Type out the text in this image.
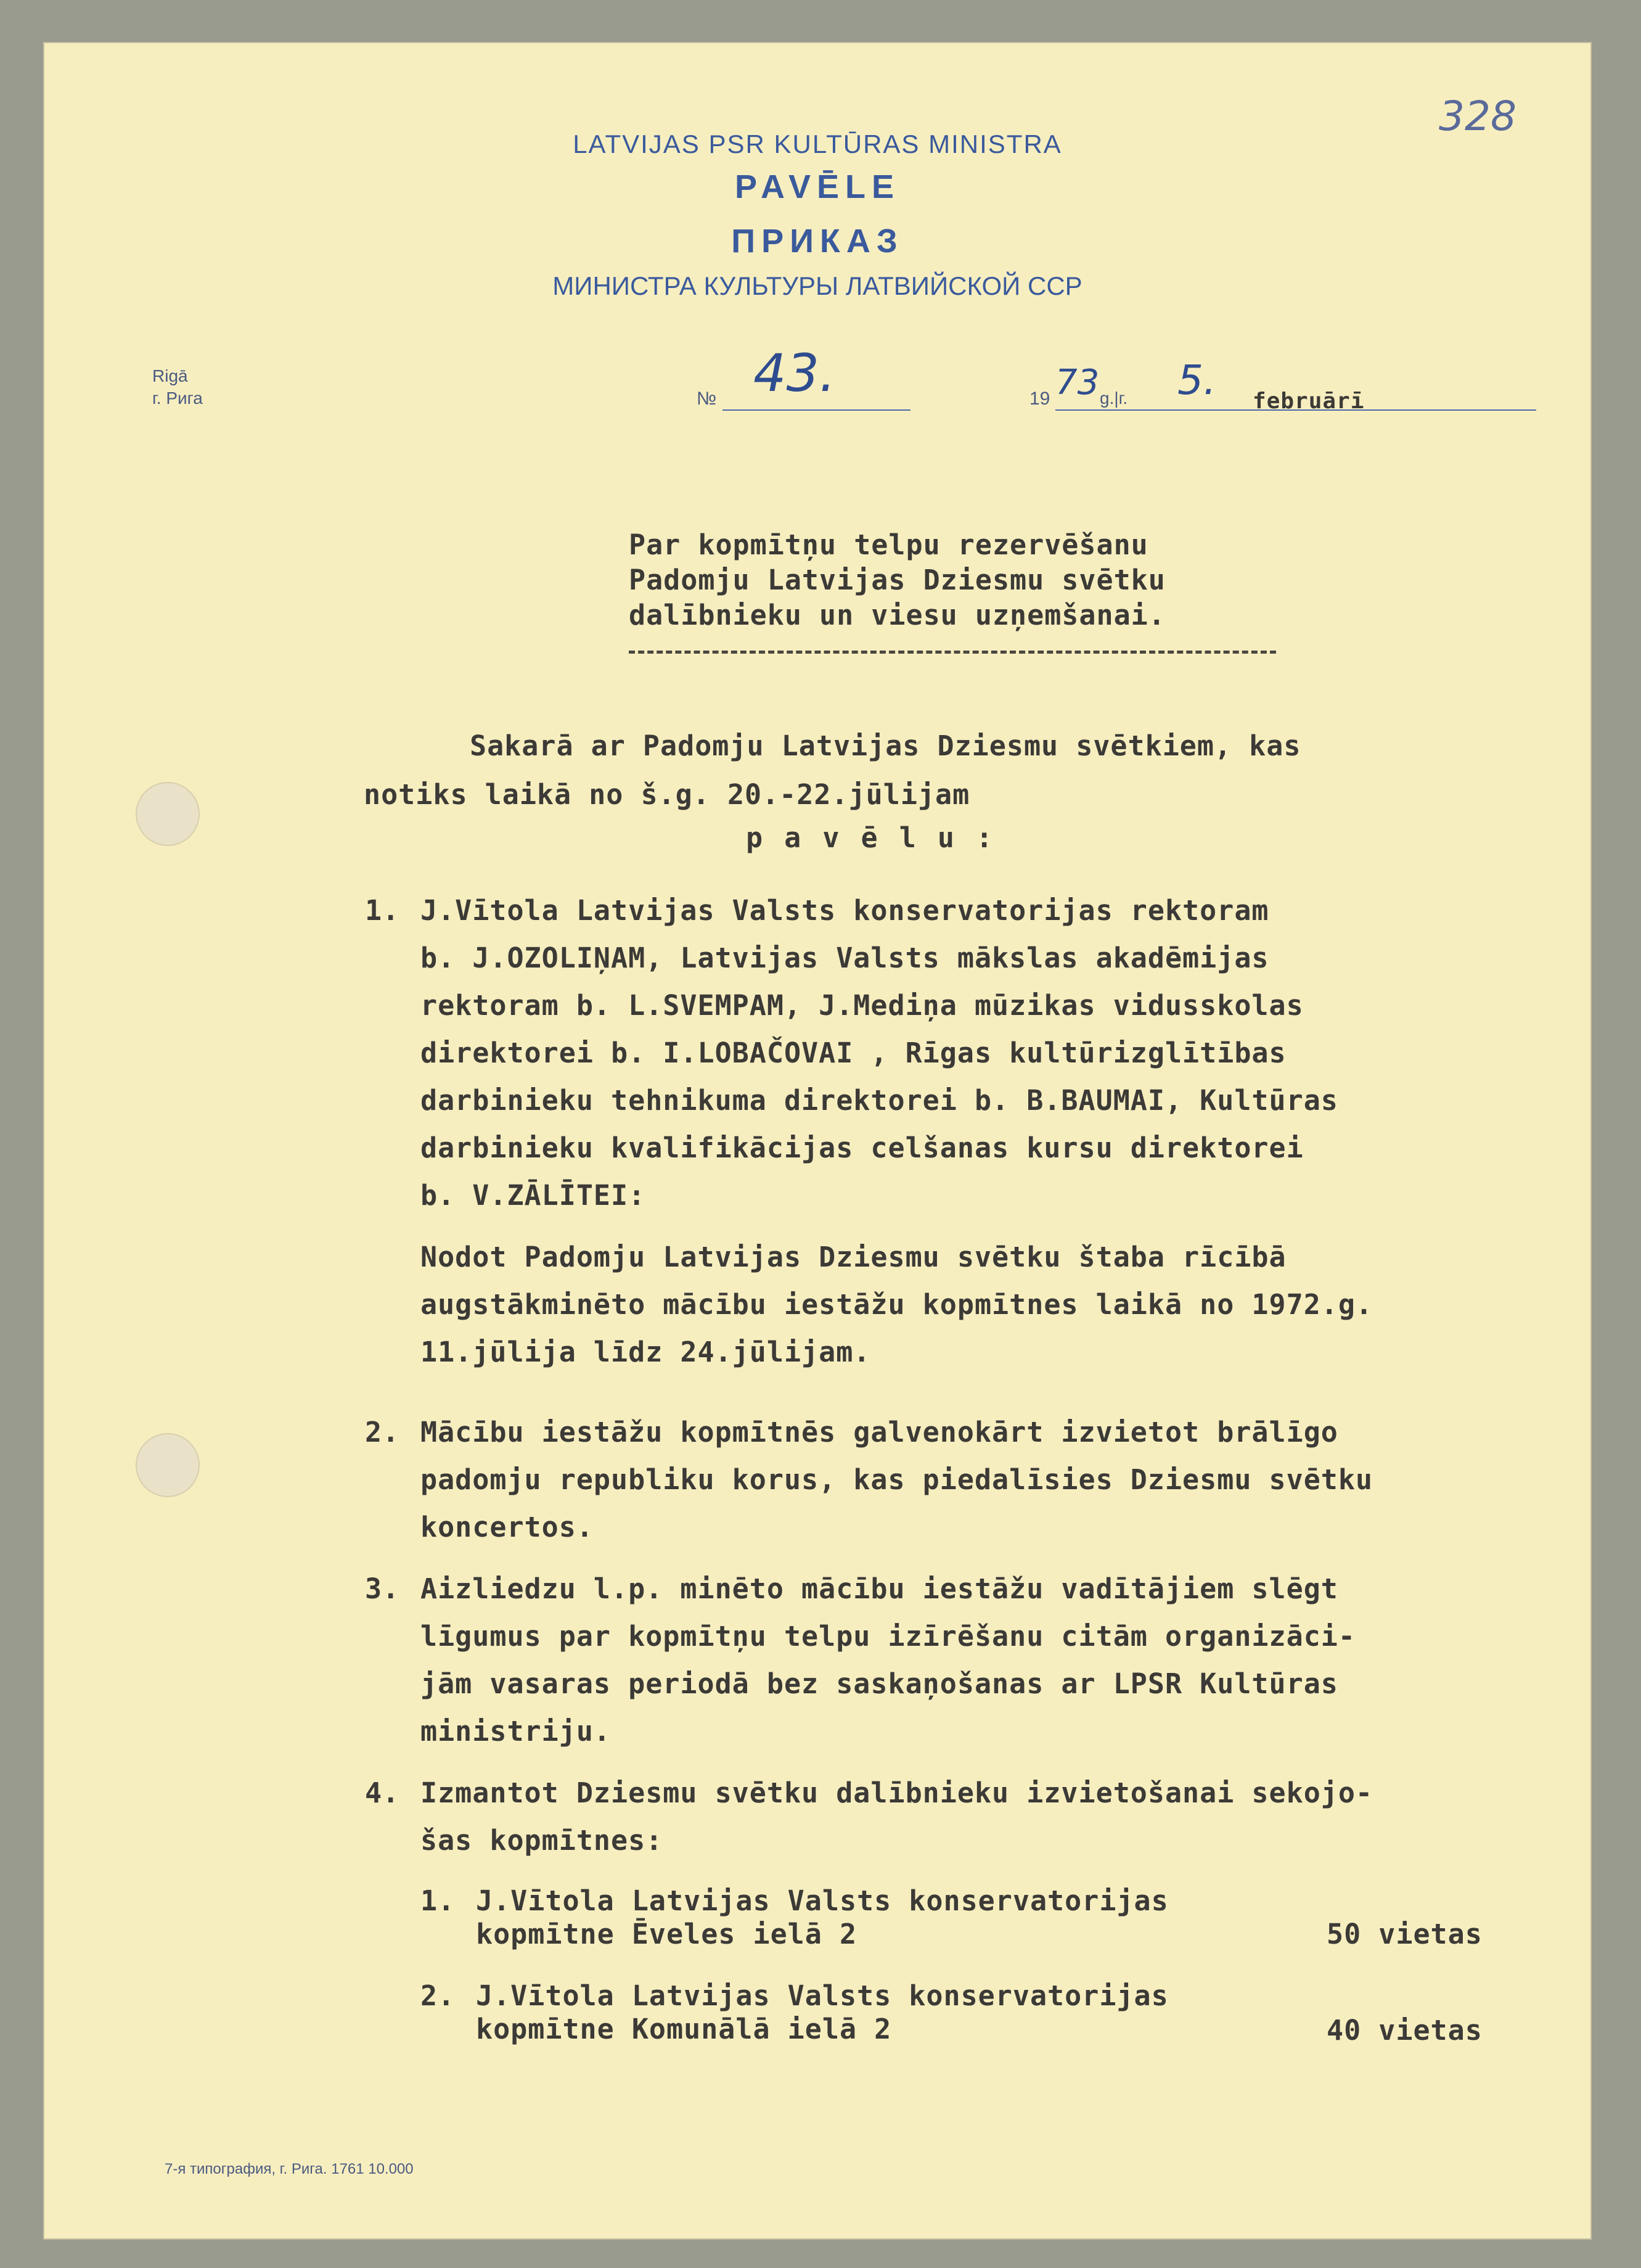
328
LATVIJAS PSR KULTŪRAS MINISTRA
PAVĒLE
ПРИКАЗ
МИНИСТРА КУЛЬТУРЫ ЛАТВИЙСКОЙ ССР
Rigā
г. Рига	№ 43.	19 73 g.|г. 5. februārī
Par kopmītņu telpu rezervēšanu
Padomju Latvijas Dziesmu svētku
dalībnieku un viesu uzņemšanai.
Sakarā ar Padomju Latvijas Dziesmu svētkiem, kas
notiks laikā no š.g. 20.-22.jūlijam
p a v ē l u :
1. J.Vītola Latvijas Valsts konservatorijas rektoram
b. J.OZOLIŅAM, Latvijas Valsts mākslas akadēmijas
rektoram b. L.SVEMPAM, J.Mediņa mūzikas vidusskolas
direktorei b. I.LOBAČOVAI , Rīgas kultūrizglītības
darbinieku tehnikuma direktorei b. B.BAUMAI, Kultūras
darbinieku kvalifikācijas celšanas kursu direktorei
b. V.ZĀLĪTEI:
Nodot Padomju Latvijas Dziesmu svētku štaba rīcībā
augstākminēto mācību iestāžu kopmītnes laikā no 1972.g.
11.jūlija līdz 24.jūlijam.
2. Mācību iestāžu kopmītnēs galvenokārt izvietot brālīgo
padomju republiku korus, kas piedalīsies Dziesmu svētku
koncertos.
3. Aizliedzu l.p. minēto mācību iestāžu vadītājiem slēgt
līgumus par kopmītņu telpu izīrēšanu citām organizāci-
jām vasaras periodā bez saskaņošanas ar LPSR Kultūras
ministriju.
4. Izmantot Dziesmu svētku dalībnieku izvietošanai sekojo-
šas kopmītnes:
1. J.Vītola Latvijas Valsts konservatorijas
kopmītne Ēveles ielā 2	50 vietas
2. J.Vītola Latvijas Valsts konservatorijas
kopmītne Komunālā ielā 2	40 vietas
7-я типография, г. Рига. 1761 10.000
